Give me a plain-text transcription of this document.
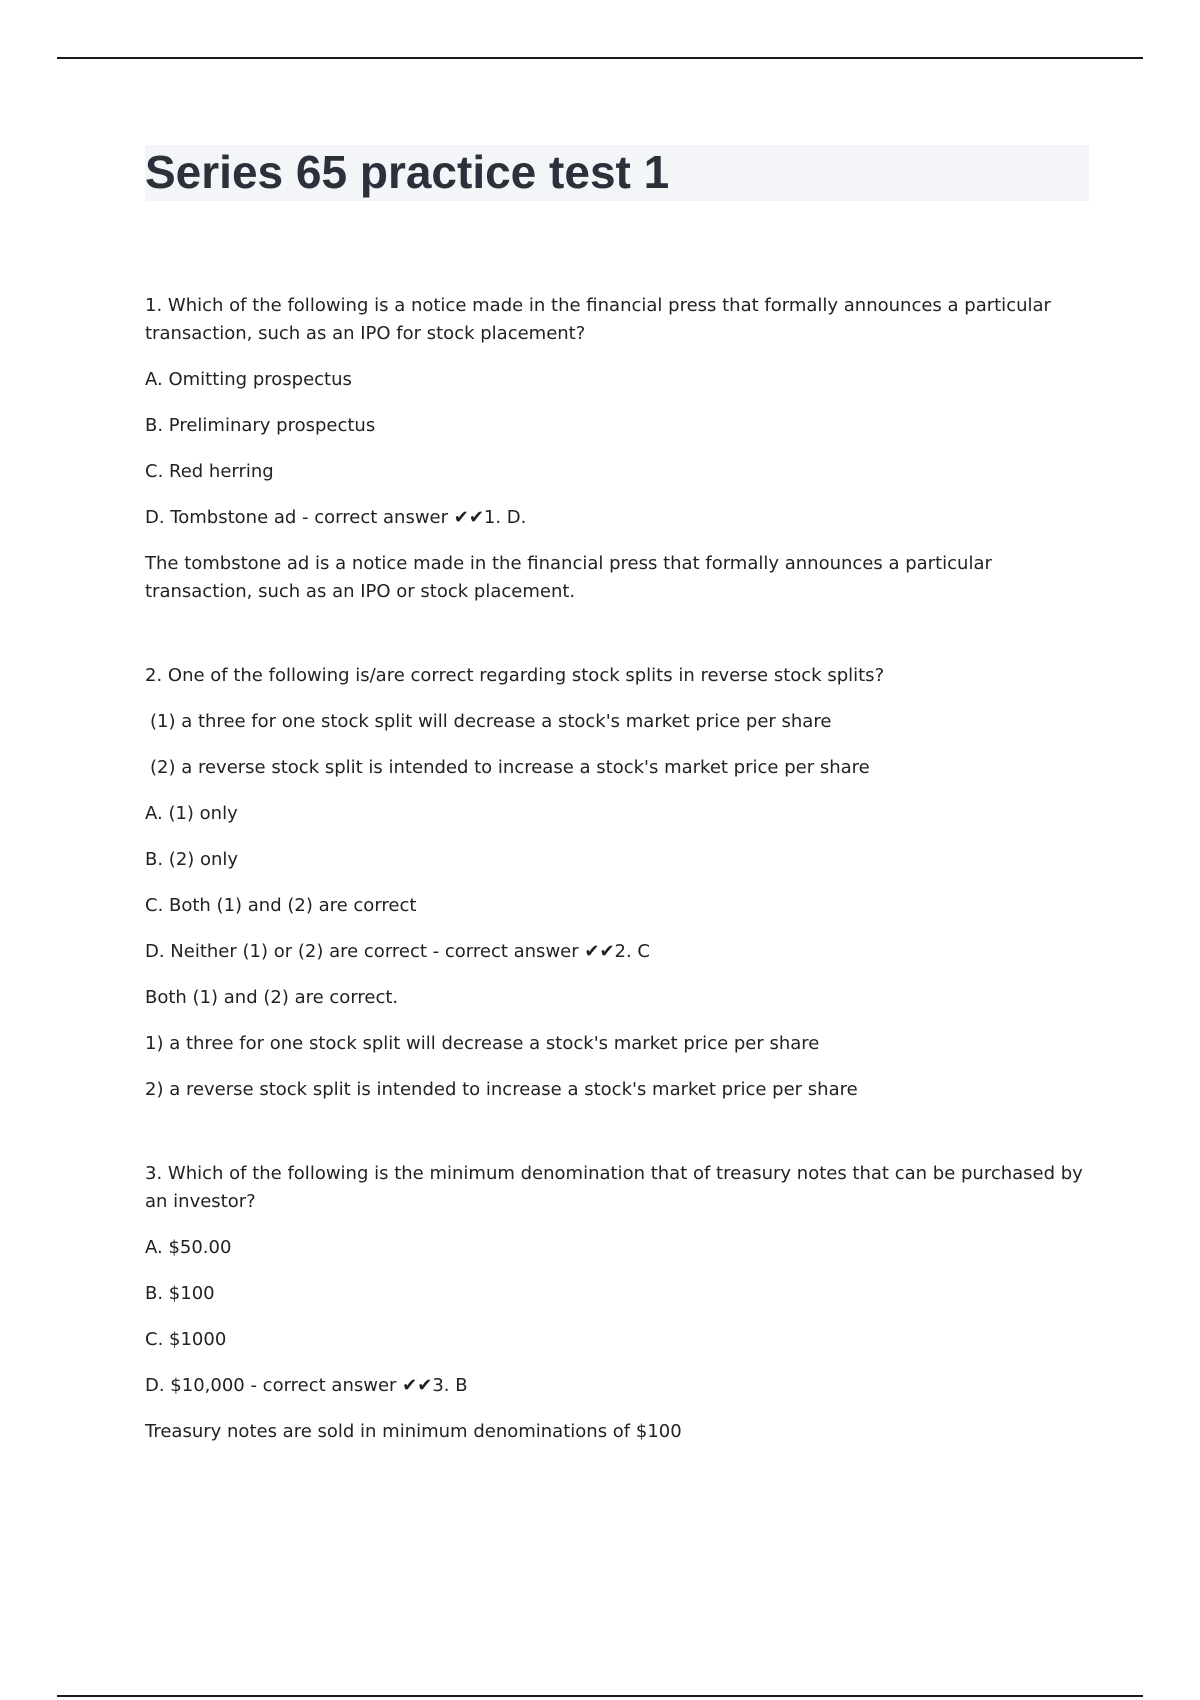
Series 65 practice test 1

1. Which of the following is a notice made in the financial press that formally announces a particular transaction, such as an IPO for stock placement?

A. Omitting prospectus

B. Preliminary prospectus

C. Red herring

D. Tombstone ad - correct answer ✔✔1. D.

The tombstone ad is a notice made in the financial press that formally announces a particular transaction, such as an IPO or stock placement.

2. One of the following is/are correct regarding stock splits in reverse stock splits?

(1) a three for one stock split will decrease a stock's market price per share

(2) a reverse stock split is intended to increase a stock's market price per share

A. (1) only

B. (2) only

C. Both (1) and (2) are correct

D. Neither (1) or (2) are correct - correct answer ✔✔2. C

Both (1) and (2) are correct.

1) a three for one stock split will decrease a stock's market price per share

2) a reverse stock split is intended to increase a stock's market price per share

3. Which of the following is the minimum denomination that of treasury notes that can be purchased by an investor?

A. $50.00

B. $100

C. $1000

D. $10,000 - correct answer ✔✔3. B

Treasury notes are sold in minimum denominations of $100
